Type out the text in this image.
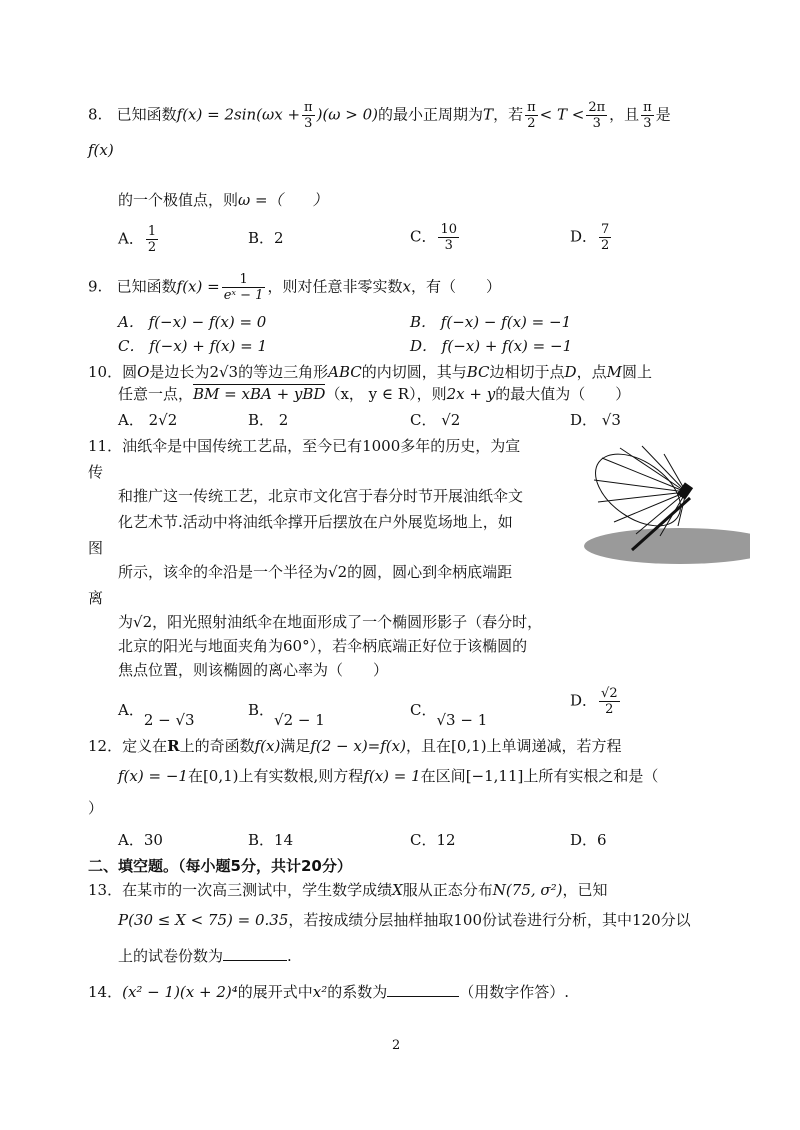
8. 已知函数$f(x) = 2\sin(\omega x + \frac{\pi}{3} )(\omega > 0)$的最小正周期为T，若 $\frac{\pi}{2} < T < \frac{2\pi}{3}$ ，且 $\frac{\pi}{3}$ 是
f(x)
的一个极值点，则ω =（　　）
A． $\frac{1}{2}$	B．2	C． $\frac{10}{3}$	D． $\frac{7}{2}$
9. 已知函数$f(x) = \frac{1}{\text{eˣ − 1}}$ ，则对任意非零实数x，有（　　）
A． f(−x) − f(x) = 0	B． f(−x) − f(x) = −1
C． f(−x) + f(x) = 1	D． f(−x) + f(x) = −1
10．圆O是边长为2√3的等边三角形ABC的内切圆，其与BC边相切于点D，点M圆上
任意一点，BM = xBA + yBD（x， y ∈ R），则2x + y的最大值为（　　）
A． 2√2	B． 2	C． √2	D． √3
11．油纸伞是中国传统工艺品，至今已有1000多年的历史，为宣
传
和推广这一传统工艺，北京市文化宫于春分时节开展油纸伞文
化艺术节.活动中将油纸伞撑开后摆放在户外展览场地上，如
图
所示，该伞的伞沿是一个半径为√2的圆，圆心到伞柄底端距
离
为√2，阳光照射油纸伞在地面形成了一个椭圆形影子（春分时，
北京的阳光与地面夹角为60°），若伞柄底端正好位于该椭圆的
焦点位置，则该椭圆的离心率为（　　）
A．2 − √3
B．√2 − 1
C．√3 − 1
D． $\frac{√2}{2}$
12．定义在R上的奇函数f(x)满足f(2 − x)=f(x)，且在[0,1)上单调递减，若方程
f(x) = −1在[0,1)上有实数根,则方程f(x) = 1在区间[−1,11]上所有实根之和是（
）
A．30	B．14	C．12	D．6
二、填空题。（每小题5分，共计20分）
13．在某市的一次高三测试中，学生数学成绩X服从正态分布N(75, σ²)，已知
P(30 ≤ X < 75) = 0.35，若按成绩分层抽样抽取100份试卷进行分析，其中120分以
上的试卷份数为	.
14．(x² − 1)(x + 2)⁴的展开式中x²的系数为	（用数字作答）.
2
